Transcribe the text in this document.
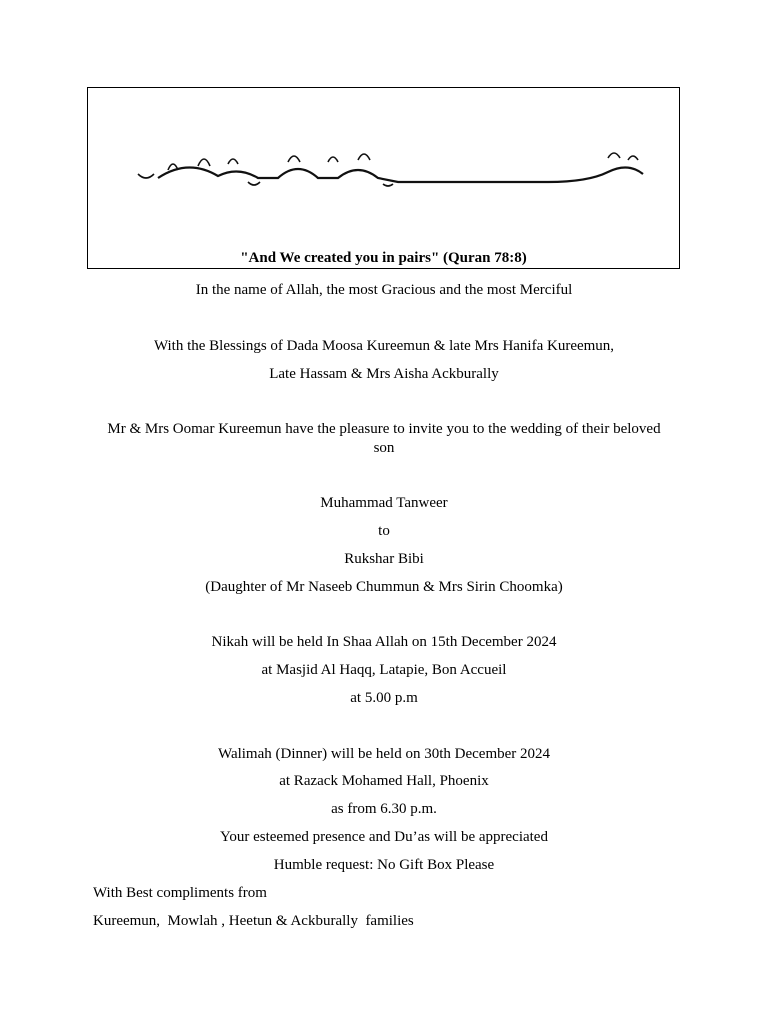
"And We created you in pairs" (Quran 78:8)
In the name of Allah, the most Gracious and the most Merciful
With the Blessings of Dada Moosa Kureemun & late Mrs Hanifa Kureemun,
Late Hassam & Mrs Aisha Ackburally
Mr & Mrs Oomar Kureemun have the pleasure to invite you to the wedding of their beloved
son
Muhammad Tanweer
to
Rukshar Bibi
(Daughter of Mr Naseeb Chummun & Mrs Sirin Choomka)
Nikah will be held In Shaa Allah on 15th December 2024
at Masjid Al Haqq, Latapie, Bon Accueil
at 5.00 p.m
Walimah (Dinner) will be held on 30th December 2024
at Razack Mohamed Hall, Phoenix
as from 6.30 p.m.
Your esteemed presence and Du’as will be appreciated
Humble request: No Gift Box Please
With Best compliments from
Kureemun,  Mowlah , Heetun & Ackburally  families
